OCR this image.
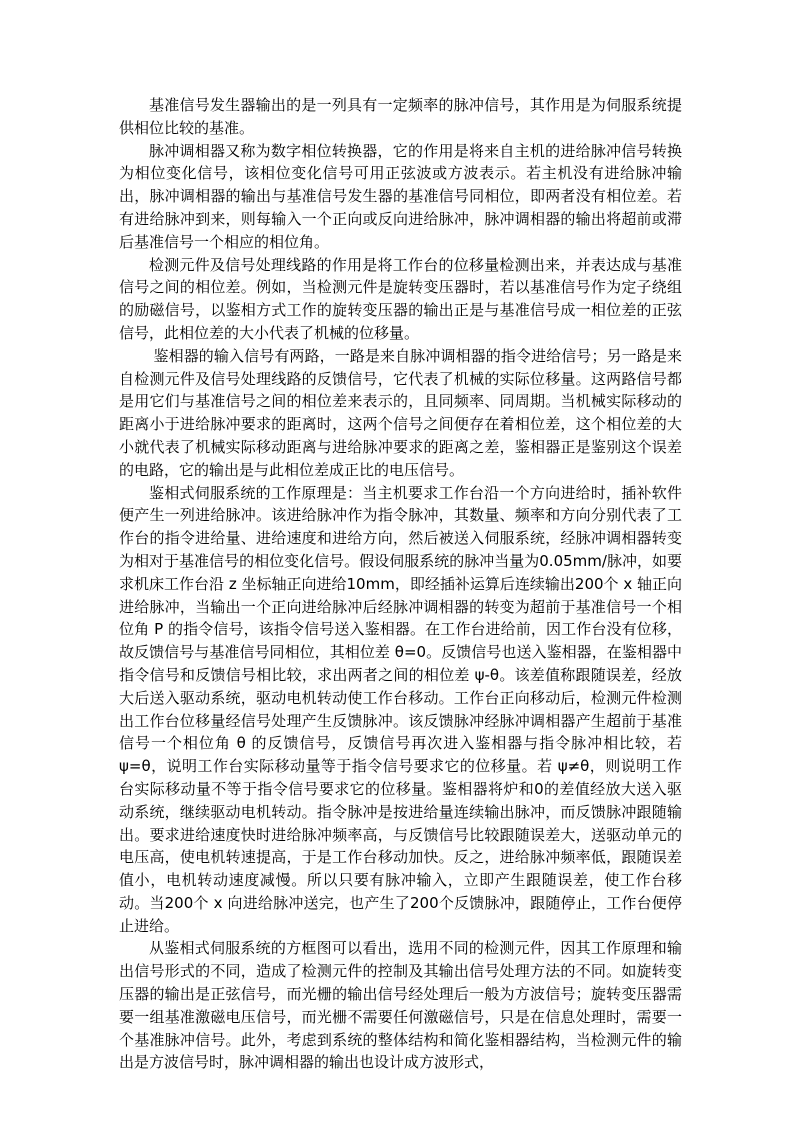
基准信号发生器输出的是一列具有一定频率的脉冲信号，其作用是为伺服系统提供相位比较的基准。

脉冲调相器又称为数字相位转换器，它的作用是将来自主机的进给脉冲信号转换为相位变化信号，该相位变化信号可用正弦波或方波表示。若主机没有进给脉冲输出，脉冲调相器的输出与基准信号发生器的基准信号同相位，即两者没有相位差。若有进给脉冲到来，则每输入一个正向或反向进给脉冲，脉冲调相器的输出将超前或滞后基准信号一个相应的相位角。

检测元件及信号处理线路的作用是将工作台的位移量检测出来，并表达成与基准信号之间的相位差。例如，当检测元件是旋转变压器时，若以基准信号作为定子绕组的励磁信号，以鉴相方式工作的旋转变压器的输出正是与基准信号成一相位差的正弦信号，此相位差的大小代表了机械的位移量。

鉴相器的输入信号有两路，一路是来自脉冲调相器的指令进给信号；另一路是来自检测元件及信号处理线路的反馈信号，它代表了机械的实际位移量。这两路信号都是用它们与基准信号之间的相位差来表示的，且同频率、同周期。当机械实际移动的距离小于进给脉冲要求的距离时，这两个信号之间便存在着相位差，这个相位差的大小就代表了机械实际移动距离与进给脉冲要求的距离之差，鉴相器正是鉴别这个误差的电路，它的输出是与此相位差成正比的电压信号。

鉴相式伺服系统的工作原理是：当主机要求工作台沿一个方向进给时，插补软件便产生一列进给脉冲。该进给脉冲作为指令脉冲，其数量、频率和方向分别代表了工作台的指令进给量、进给速度和进给方向，然后被送入伺服系统，经脉冲调相器转变为相对于基准信号的相位变化信号。假设伺服系统的脉冲当量为0.05mm/脉冲，如要求机床工作台沿 z 坐标轴正向进给10mm，即经插补运算后连续输出200个 x 轴正向进给脉冲，当输出一个正向进给脉冲后经脉冲调相器的转变为超前于基准信号一个相位角 P 的指令信号，该指令信号送入鉴相器。在工作台进给前，因工作台没有位移，故反馈信号与基准信号同相位，其相位差 θ=0。反馈信号也送入鉴相器，在鉴相器中指令信号和反馈信号相比较，求出两者之间的相位差 ψ-θ。该差值称跟随误差，经放大后送入驱动系统，驱动电机转动使工作台移动。工作台正向移动后，检测元件检测出工作台位移量经信号处理产生反馈脉冲。该反馈脉冲经脉冲调相器产生超前于基准信号一个相位角 θ 的反馈信号，反馈信号再次进入鉴相器与指令脉冲相比较，若 ψ=θ，说明工作台实际移动量等于指令信号要求它的位移量。若 ψ≠θ，则说明工作台实际移动量不等于指令信号要求它的位移量。鉴相器将炉和0的差值经放大送入驱动系统，继续驱动电机转动。指令脉冲是按进给量连续输出脉冲，而反馈脉冲跟随输出。要求进给速度快时进给脉冲频率高，与反馈信号比较跟随误差大，送驱动单元的电压高，使电机转速提高，于是工作台移动加快。反之，进给脉冲频率低，跟随误差值小，电机转动速度减慢。所以只要有脉冲输入，立即产生跟随误差，使工作台移动。当200个 x 向进给脉冲送完，也产生了200个反馈脉冲，跟随停止，工作台便停止进给。

从鉴相式伺服系统的方框图可以看出，选用不同的检测元件，因其工作原理和输出信号形式的不同，造成了检测元件的控制及其输出信号处理方法的不同。如旋转变压器的输出是正弦信号，而光栅的输出信号经处理后一般为方波信号；旋转变压器需要一组基准激磁电压信号，而光栅不需要任何激磁信号，只是在信息处理时，需要一个基准脉冲信号。此外，考虑到系统的整体结构和简化鉴相器结构，当检测元件的输出是方波信号时，脉冲调相器的输出也设计成方波形式，
